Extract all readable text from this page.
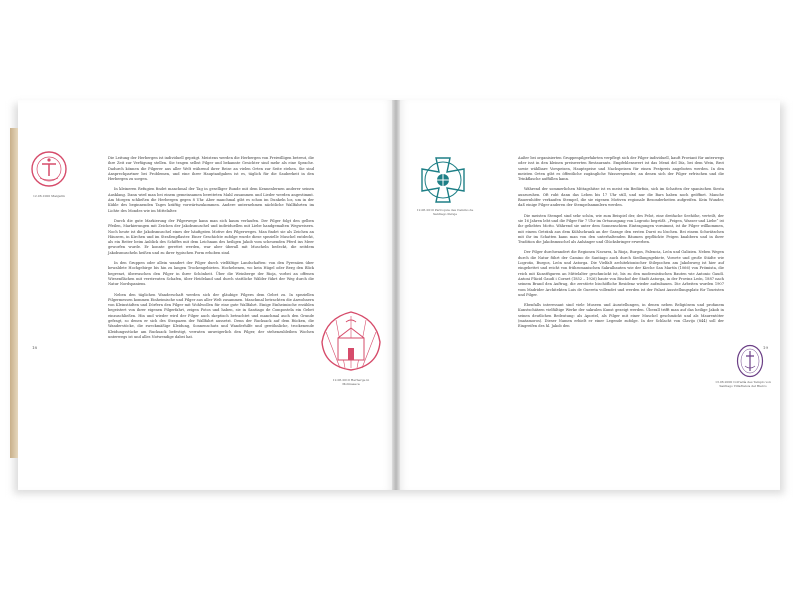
12.06.1000 Manjarin
18

Die Leitung der Herbergen ist individuell geprägt. Meistens werden die Herbergen von Freiwilligen betreut, die ihre Zeit zur Verfügung stellen. Sie tragen selbst Pilger und bekannte Gesichter sind mehr als eine Sprache. Dadurch können die Pilgerer aus aller Welt während ihrer Reise an vielen Orten zur Seite stehen. Sie sind Ansprechpartner bei Problemen, und eine ihrer Hauptaufgaben ist es, täglich für die Sauberkeit in den Herbergen zu sorgen.

In kleineren Refugien findet manchmal der Tag in geselliger Runde mit dem Kennenlernen anderer seinen Ausklang. Dann wird man bei einem gemeinsamen bereiteten Mahl zusammen und Lieder werden angestimmt. Am Morgen schließen die Herbergen gegen 8 Uhr. Aber manchmal gibt es schon im Dunkeln los, um in der Kühle des beginnenden Tages kräftig vorwärtszukommen. Andere unternehmen nächtliche Wallfahrten im Lichte des Mondes wie im Mittelalter.

Durch die gute Markierung der Pilgerwege kann man sich kaum verlaufen. Der Pilger folgt den gelben Pfeilen, Markierungen mit Zeichen der Jakobsmuschel und individuellen mit Liebe handgemalten Wegweisern. Noch heute ist die Jakobsmuschel eines der häufigsten Motive des Pilgerweges. Man findet sie als Zeichen an Häusern, in Kirchen und im Straßenpflaster. Einer Geschichte zufolge wurde diese spezielle Muschel entdeckt, als ein Reiter beim Anblick des Schiffes mit dem Leichnam des heiligen Jakob vom scheuenden Pferd ins Meer geworfen wurde. Er konnte gerettet werden, war aber überall mit Muscheln bedeckt, die seitdem Jakobsmuscheln heißen und zu ihrer typischen Form erhoben sind.

In den Gruppen oder allein wandert der Pilger durch vielfältige Landschaften: von den Pyrenäen über bewaldete Hochgebirge bis hin zu langen Trockengebieten. Hochebenen, wo kein Hügel oder Berg den Blick begrenzt, überraschen den Pilger in ihrer Schönheit. Über die Weinberge der Rioja, vorbei an offenen Wiesenflächen mit verstreuten Schafen, über Heideland und durch stattliche Wälder führt der Weg durch die Natur Nordspaniens.

Neben den täglichen Wanderschaft werden sich der gläubige Pilgern dem Gebet zu. In speziellen Pilgermessen kommen Einheimische und Pilger aus aller Welt zusammen. Manchmal betrachten die Anwohnern von Kleinstädten und Dörfern den Pilger mit Wohlwollen für eine gute Wallfahrt. Einige Einheimische erzählen begeistert von ihrer eigenen Pilgerfahrt, zeigen Fotos und haben, sie in Santiago de Compostela ein Gebet einzuschließen. Hin und wieder wird der Pilger auch skeptisch betrachtet und manchmal auch den Grunde gefragt, so denen er sich des Strapazen der Wallfahrt aussetzt. Denn der Rucksack auf dem Rücken, die Wanderstöcke, die zweckmäßige Kleidung, Sonnenschutz und Wanderhilfe und gewöhnliche, trockenende Kleidungsstücke am Rucksack befestigt, verraten unweigerlich den Pilger, der stehenzubleiben Wochen unterwegs ist und alles Notwendige dabei hat.

12.06.2010 Herberge in Molinaseca
12.06.2010 Parroquia des Camino de Santiago Pereje

Außer bei organisierten Gruppenpilgerfahrten verpflegt sich der Pilger individuell, kauft Proviant für unterwegs oder isst in den kleinen preiswerten Restaurants. Empfehlenswert ist das Menú del Día, bei dem Wein, Brot sowie wählbare Vorspeisen, Hauptspeise und Nachspeisen für einen Festpreis angeboten werden. In den meisten Orten gibt es öffentliche zugängliche Wasserspender, an denen sich der Pilger erfrischen und die Trinkflasche auffüllen kann.

Während der sommerlichen Mittagshitze ist es meist ein Bedürfnis, sich im Schatten der spanischen Siesta auszuruhen. Oft ruht dann das Leben bis 17 Uhr still, und nur die Bars haben noch geöffnet. Manche Bauernhöfer verkaufen Stempel, die sie eigenen Motiven regionale Besonderheiten aufgreifen. Kein Wunder, daß einige Pilger anderen der Stempelsammlern werden.

Die meisten Stempel sind sehr schön, wie zum Beispiel der, des Pelot, eine dreifache Seehöhe, verteilt, der sie 16 Jahren lebt und die Pilger für 7 Uhr im Ortsausgang von Logroño begrüßt. „Feigen, Wasser und Liebe“ ist ihr geliebtes Motto. Während sie unter dem Sonnenschirm Eintragungen vornimmt, ist ihr Pilger willkommen, mit einem Getränk aus dem Kühlschrank an der Garage den ersten Durst zu löschen. Bei einem Schwätzchen mit ihr im Schatten kann man von den unterhaltenden Bäumen gepflückte Feigen knabbern und in ihrer Tradition die Jakobsmuschel als Anhänger und Glücksbringer erwerben.

Der Pilger durchwandert die Regionen Navarra, la Rioja, Burgos, Palencia, León und Galizien. Neben Wegen durch die Natur führt der Camino de Santiago auch durch Siedlungsgebiete, Vororte und große Städte wie Logroño, Burgos, León und Astorga. Die Vielfalt architektonischer Stilepochen am Jakobsweg ist hier auf eingebettet und reicht von frühromanischen Sakralbauten wie der Kirche San Martín (1066) von Frómista, die reich mit Kunstfiguren an Mittelalter geschmückt ist, bis zu den modernistischen Bauten wie Antonio Gaudí. Antoni Plácid Gaudí i Cornet (1852 – 1926) baute von Bischof der Stadt Astorga, in der Provinz León, 1887 nach seinem Brand den Auftrag, die zerstörte bischöfliche Residenz wieder aufzubauen. Die Arbeiten wurden 1907 vom Madrider Architekten Luis de Guereta vollendet und werden ist der Palast Ausstellungsplatz für Touristen und Pilger.

Ebenfalls interessant sind viele Museen und Ausstellungen, in denen neben Religiösem und profanem Kunstschätzen vielfältige Werke der sakralen Kunst gezeigt werden. Überall trifft man auf das heilige Jakob in seinen deutlichen Bedeutung: als Apostel, als Pilger mit einer Muschel geschmückt und als Maurentöter (matamoros). Dieser Namen erhielt er einer Legende zufolge. In der Schlacht von Clavijo (844) soll der Eingreifen des hl. Jakob den

19
13.06.2000 Cofradía des Templo von Santiago Villafranca del Bierzo
